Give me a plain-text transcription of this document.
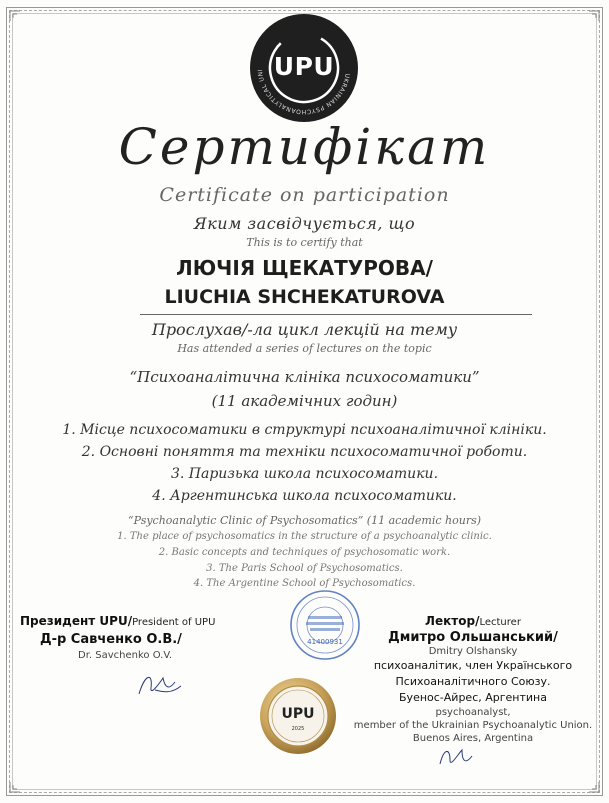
UKRAINIAN PSYCHOANALYTICAL UNI UPU
Сертифікат
Certificate on participation
Яким засвідчується, що
This is to certify that
ЛЮЧІЯ ЩЕКАТУРОВА/
LIUCHIA SHCHEKATUROVA
Прослухав/-ла цикл лекцій на тему
Has attended a series of lectures on the topic
“Психоаналітична клініка психосоматики”
(11 академічних годин)
1. Місце психосоматики в структурі психоаналітичної клініки.
2. Основні поняття та техніки психосоматичної роботи.
3. Паризька школа психосоматики.
4. Аргентинська школа психосоматики.
“Psychoanalytic Clinic of Psychosomatics” (11 academic hours)
1. The place of psychosomatics in the structure of a psychoanalytic clinic.
2. Basic concepts and techniques of psychosomatic work.
3. The Paris School of Psychosomatics.
4. The Argentine School of Psychosomatics.
Президент UPU/President of UPU
Д-р Савченко О.В./
Dr. Savchenko O.V.
41400931
Лектор/Lecturer
Дмитро Ольшанський/
Dmitry Olshansky
психоаналітик, член Українського
Психоаналітичного Союзу.
Буенос-Айрес, Аргентина
psychoanalyst,
member of the Ukrainian Psychoanalytic Union.
Buenos Aires, Argentina
UPU
2025
